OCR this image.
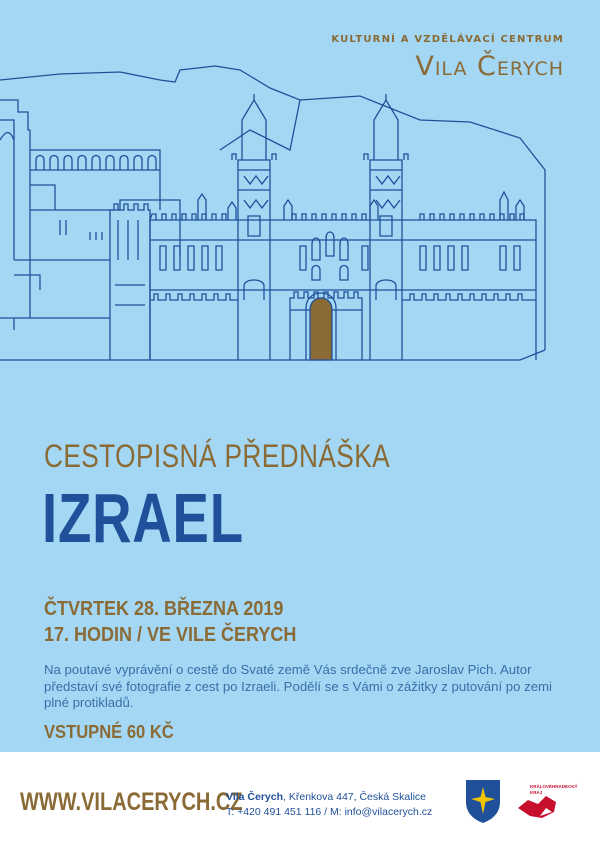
KULTURNÍ A VZDĚLÁVACÍ CENTRUM
Vila Čerych
CESTOPISNÁ PŘEDNÁŠKA
IZRAEL
ČTVRTEK 28. BŘEZNA 2019
17. HODIN / VE VILE ČERYCH
Na poutavé vyprávění o cestě do Svaté země Vás srdečně zve Jaroslav Pich. Autor představí své fotografie z cest po Izraeli. Podělí se s Vámi o zážitky z putování po zemi plné protikladů.
VSTUPNÉ 60 KČ
WWW.VILACERYCH.CZ
Vila Čerych, Křenkova 447, Česká Skalice
T: +420 491 451 116 / M: info@vilacerych.cz
KRÁLOVÉHRADECKÝ
KRAJ
